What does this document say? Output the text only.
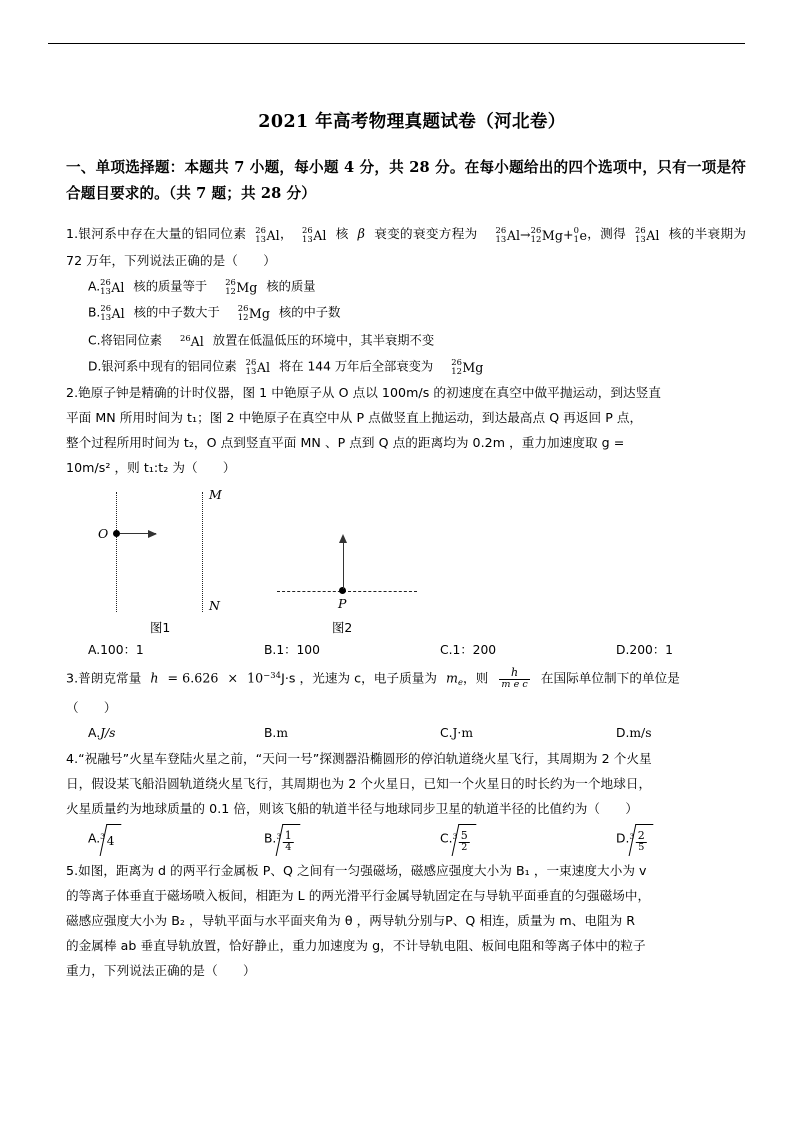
2021 年高考物理真题试卷（河北卷）
一、单项选择题：本题共 7 小题，每小题 4 分，共 28 分。在每小题给出的四个选项中，只有一项是符合题目要求的。（共 7 题；共 28 分）
1.银河系中存在大量的铝同位素 26
13 Al， 26
13 Al 核 β 衰变的衰变方程为 26
13 Al→ 26
12 Mg+ 0
1 e，测得 26
13 Al 核的半衰期为 72 万年，下列说法正确的是（　　）
A. 26
13 Al 核的质量等于 26
12 Mg 核的质量
B. 26
13 Al 核的中子数大于 26
12 Mg 核的中子数
C.将铝同位素 $^{26}$Al 放置在低温低压的环境中，其半衰期不变
D.银河系中现有的铝同位素 26
13 Al 将在 144 万年后全部衰变为 26
12 Mg
2.铯原子钟是精确的计时仪器，图 1 中铯原子从 O 点以 100m/s 的初速度在真空中做平抛运动，到达竖直
平面 MN 所用时间为 t₁；图 2 中铯原子在真空中从 P 点做竖直上抛运动，到达最高点 Q 再返回 P 点，
整个过程所用时间为 t₂，O 点到竖直平面 MN 、P 点到 Q 点的距离均为 0.2m ，重力加速度取 g =
10m/s² ，则 t₁:t₂ 为（　　）
O
M
N
图1
P
图2
A.100：1	B.1：100	C.1：200	D.200：1
3.普朗克常量 $h = 6.626 \times 10^{-34}J\cdot s$ ，光速为 c，电子质量为 $m_e$，则 $\frac{h}{\text{m e c}}$ 在国际单位制下的单位是
（　　）
A.J/s	B.m	C.J·m	D.m/s
4.“祝融号”火星车登陆火星之前，“天问一号”探测器沿椭圆形的停泊轨道绕火星飞行，其周期为 2 个火星
日，假设某飞船沿圆轨道绕火星飞行，其周期也为 2 个火星日，已知一个火星日的时长约为一个地球日，
火星质量约为地球质量的 0.1 倍，则该飞船的轨道半径与地球同步卫星的轨道半径的比值约为（　　）
A.$^3$ 4	$B.^3 \frac{1}{4}$	$C.^3 \frac{5}{2}$	$D.^3 \frac{2}{5}$
5.如图，距离为 d 的两平行金属板 P、Q 之间有一匀强磁场，磁感应强度大小为 B₁ ，一束速度大小为 v
的等离子体垂直于磁场喷入板间，相距为 L 的两光滑平行金属导轨固定在与导轨平面垂直的匀强磁场中，
磁感应强度大小为 B₂ ，导轨平面与水平面夹角为 θ ，两导轨分别与P、Q 相连，质量为 m、电阻为 R
的金属棒 ab 垂直导轨放置，恰好静止，重力加速度为 g，不计导轨电阻、板间电阻和等离子体中的粒子
重力，下列说法正确的是（　　）
